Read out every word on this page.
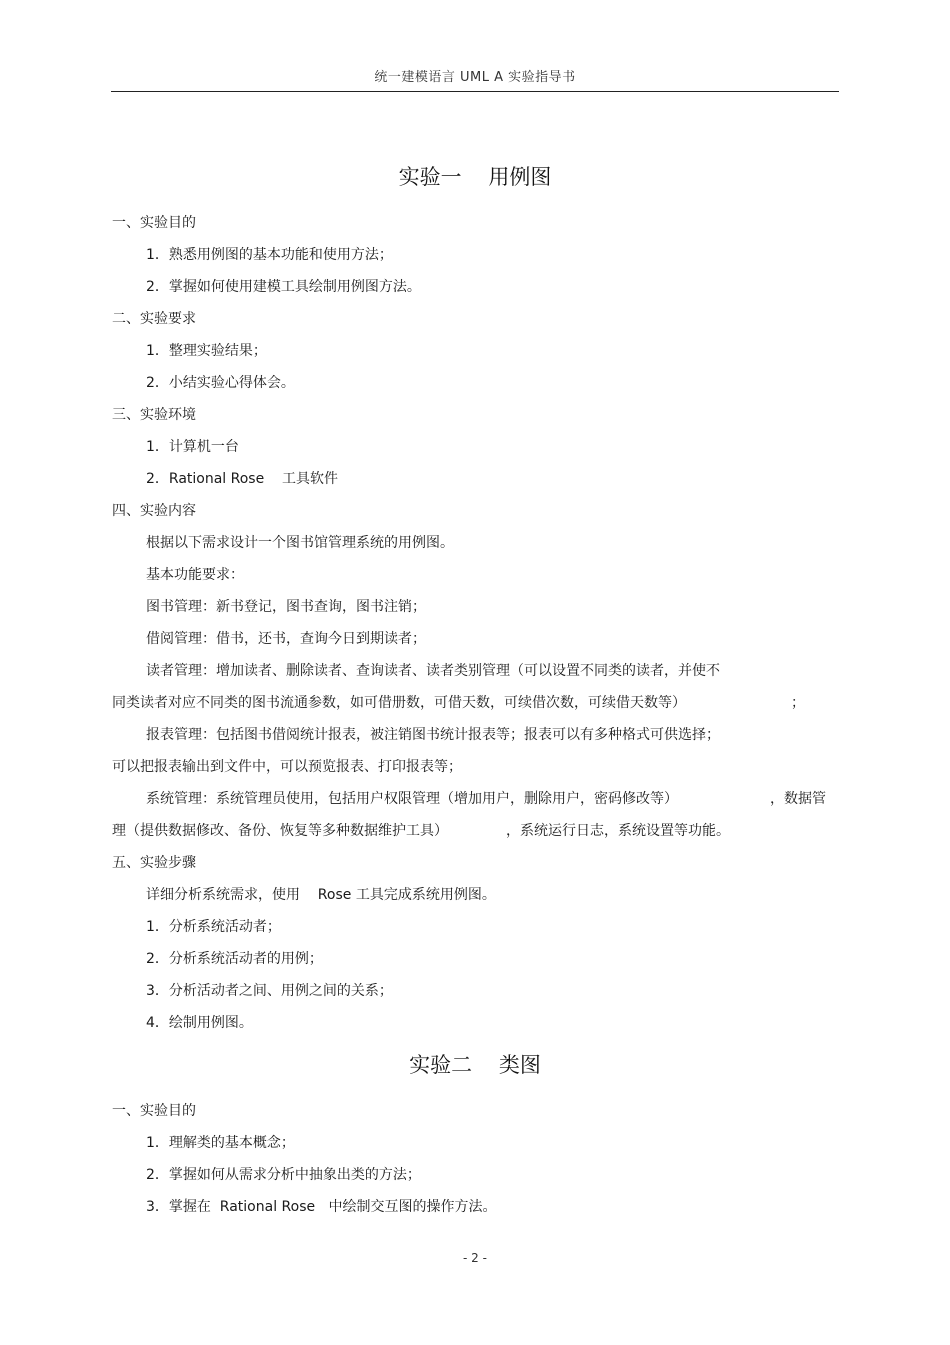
统一建模语言 UML A 实验指导书
实验一    用例图
一、实验目的
1．熟悉用例图的基本功能和使用方法；
2．掌握如何使用建模工具绘制用例图方法。
二、实验要求
1．整理实验结果；
2．小结实验心得体会。
三、实验环境
1．计算机一台
2．Rational Rose    工具软件
四、实验内容
根据以下需求设计一个图书馆管理系统的用例图。
基本功能要求：
图书管理：新书登记，图书查询，图书注销；
借阅管理：借书，还书，查询今日到期读者；
读者管理：增加读者、删除读者、查询读者、读者类别管理（可以设置不同类的读者，并使不
同类读者对应不同类的图书流通参数，如可借册数，可借天数，可续借次数，可续借天数等）	；
报表管理：包括图书借阅统计报表，被注销图书统计报表等；报表可以有多种格式可供选择；
可以把报表输出到文件中，可以预览报表、打印报表等；
系统管理：系统管理员使用，包括用户权限管理（增加用户，删除用户，密码修改等）	，数据管
理（提供数据修改、备份、恢复等多种数据维护工具）	，系统运行日志，系统设置等功能。
五、实验步骤
详细分析系统需求，使用    Rose 工具完成系统用例图。
1．分析系统活动者；
2．分析系统活动者的用例；
3．分析活动者之间、用例之间的关系；
4．绘制用例图。
实验二    类图
一、实验目的
1．理解类的基本概念；
2．掌握如何从需求分析中抽象出类的方法；
3．掌握在  Rational Rose   中绘制交互图的操作方法。
- 2 -
